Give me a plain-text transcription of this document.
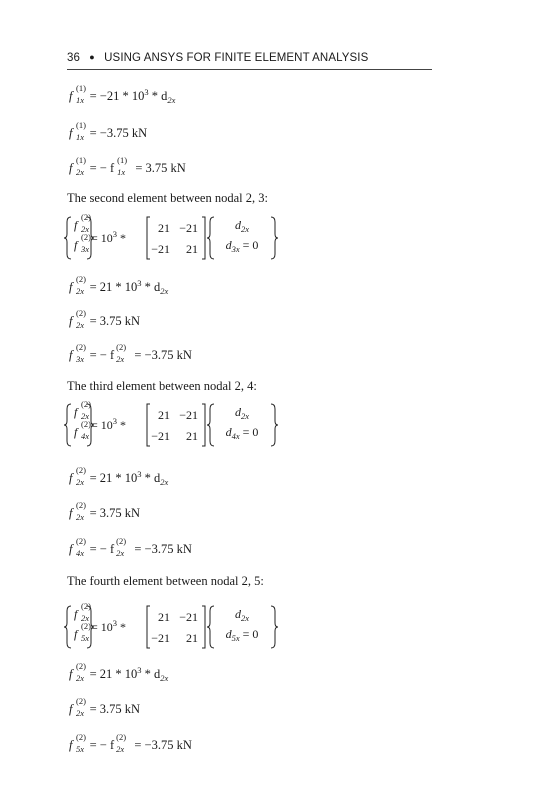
36 ● USING ANSYS FOR FINITE ELEMENT ANALYSIS
f
(1)
$1x = -21 * 10^3 * d_{2x}$
f
(1)
1x = −3.75 kN
f
(1)
2x = − f
(1)
1x = 3.75 kN
The second element between nodal 2, 3:
f
(2)
2x
f
(2)
3x
= $10^3$ *
21 −21
−21	21
$d_{2x}$
$d_{3x} = 0$
f
(2)
$2x = 21 * 10^3 * d_{2x}$
f
(2)
2x = 3.75 kN
f
(2)
3x = − f
(2)
2x = −3.75 kN
The third element between nodal 2, 4:
f
(2)
2x
f
(2)
4x
= $10^3$ *
21 −21
−21	21
$d_{2x}$
$d_{4x} = 0$
f
(2)
$2x = 21 * 10^3 * d_{2x}$
f
(2)
2x = 3.75 kN
f
(2)
4x = − f
(2)
2x = −3.75 kN
The fourth element between nodal 2, 5:
f
(2)
2x
f
(2)
5x
= $10^3$ *
21 −21
−21	21
$d_{2x}$
$d_{5x} = 0$
f
(2)
$2x = 21 * 10^3 * d_{2x}$
f
(2)
2x = 3.75 kN
f
(2)
5x = − f
(2)
2x = −3.75 kN
